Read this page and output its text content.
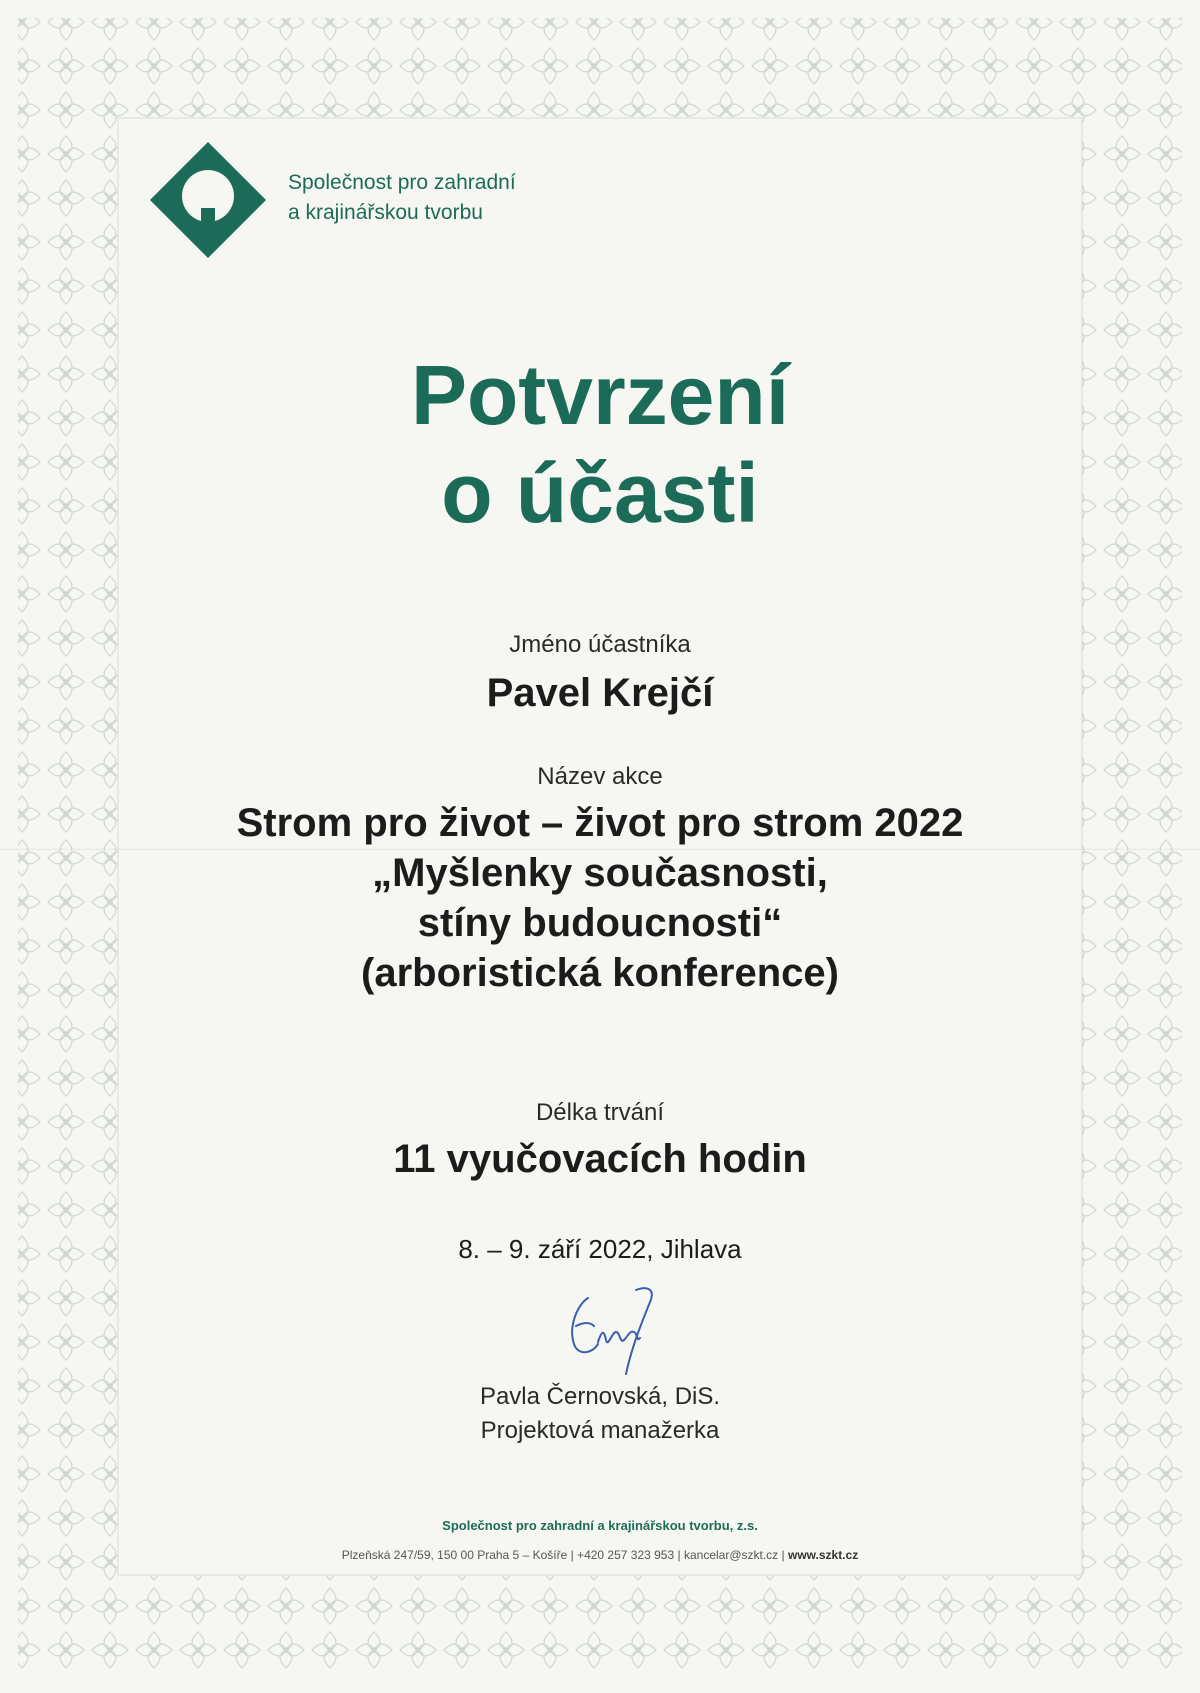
Společnost pro zahradní
a krajinářskou tvorbu
Potvrzení
o účasti
Jméno účastníka
Pavel Krejčí
Název akce
Strom pro život – život pro strom 2022
„Myšlenky současnosti,
stíny budoucnosti“
(arboristická konference)
Délka trvání
11 vyučovacích hodin
8. – 9. září 2022, Jihlava
Pavla Černovská, DiS.
Projektová manažerka
Společnost pro zahradní a krajinářskou tvorbu, z.s.
Plzeňská 247/59, 150 00 Praha 5 – Košíře | +420 257 323 953 | kancelar@szkt.cz | www.szkt.cz
